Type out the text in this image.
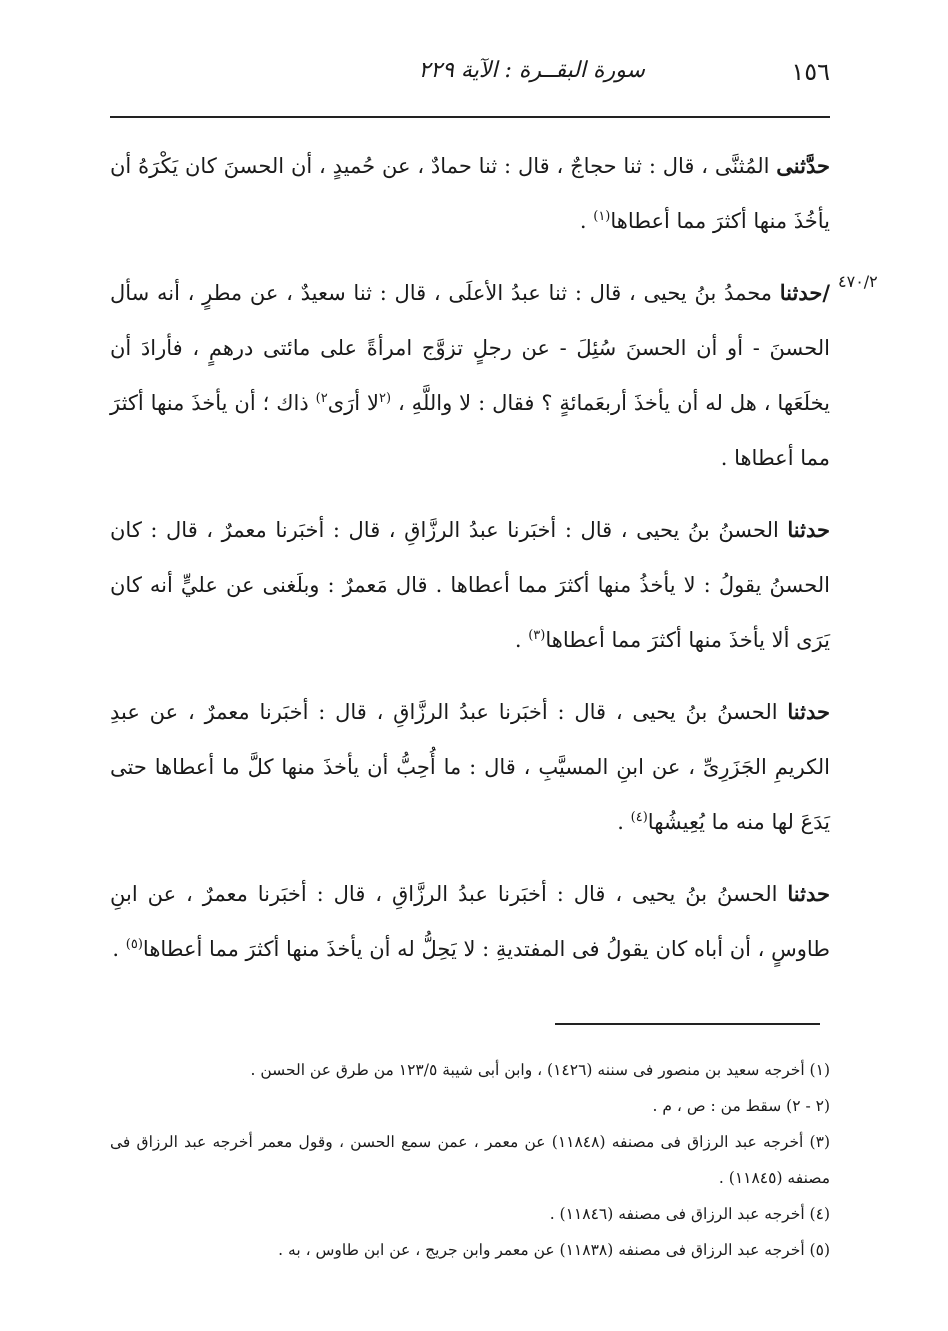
١٥٦
سورة البقــرة : الآية ٢٢٩
٤٧٠/٢

حدَّثنى المُثنَّى ، قال : ثنا حجاجٌ ، قال : ثنا حمادٌ ، عن حُميدٍ ، أن الحسنَ كان يَكْرَهُ أن يأخُذَ منها أكثرَ مما أعطاها$^{(١)}$ .

/حدثنا محمدُ بنُ يحيى ، قال : ثنا عبدُ الأعلَى ، قال : ثنا سعيدٌ ، عن مطرٍ ، أنه سأل الحسنَ - أو أن الحسنَ سُئِلَ - عن رجلٍ تزوَّج امرأةً على مائتى درهمٍ ، فأرادَ أن يخلَعَها ، هل له أن يأخذَ أربعَمائةٍ ؟ فقال : لا واللَّهِ ، $^{(٢}$لا أرَى$^{٢)}$ ذاك ؛ أن يأخذَ منها أكثرَ مما أعطاها .

حدثنا الحسنُ بنُ يحيى ، قال : أخبَرنا عبدُ الرزَّاقِ ، قال : أخبَرنا معمرٌ ، قال : كان الحسنُ يقولُ : لا يأخذُ منها أكثرَ مما أعطاها . قال مَعمرٌ : وبلَغنى عن عليٍّ أنه كان يَرَى ألا يأخذَ منها أكثرَ مما أعطاها$^{(٣)}$ .

حدثنا الحسنُ بنُ يحيى ، قال : أخبَرنا عبدُ الرزَّاقِ ، قال : أخبَرنا معمرٌ ، عن عبدِ الكريمِ الجَزَرِىِّ ، عن ابنِ المسيَّبِ ، قال : ما أُحِبُّ أن يأخذَ منها كلَّ ما أعطاها حتى يَدَعَ لها منه ما يُعِيشُها$^{(٤)}$ .

حدثنا الحسنُ بنُ يحيى ، قال : أخبَرنا عبدُ الرزَّاقِ ، قال : أخبَرنا معمرٌ ، عن ابنِ طاوسٍ ، أن أباه كان يقولُ فى المفتديةِ : لا يَحِلُّ له أن يأخذَ منها أكثرَ مما أعطاها$^{(٥)}$ .

(١) أخرجه سعيد بن منصور فى سننه (١٤٢٦) ، وابن أبى شيبة ١٢٣/٥ من طرق عن الحسن .

(٢ - ٢) سقط من : ص ، م .

(٣) أخرجه عبد الرزاق فى مصنفه (١١٨٤٨) عن معمر ، عمن سمع الحسن ، وقول معمر أخرجه عبد الرزاق فى مصنفه (١١٨٤٥) .

(٤) أخرجه عبد الرزاق فى مصنفه (١١٨٤٦) .

(٥) أخرجه عبد الرزاق فى مصنفه (١١٨٣٨) عن معمر وابن جريج ، عن ابن طاوس ، به .
